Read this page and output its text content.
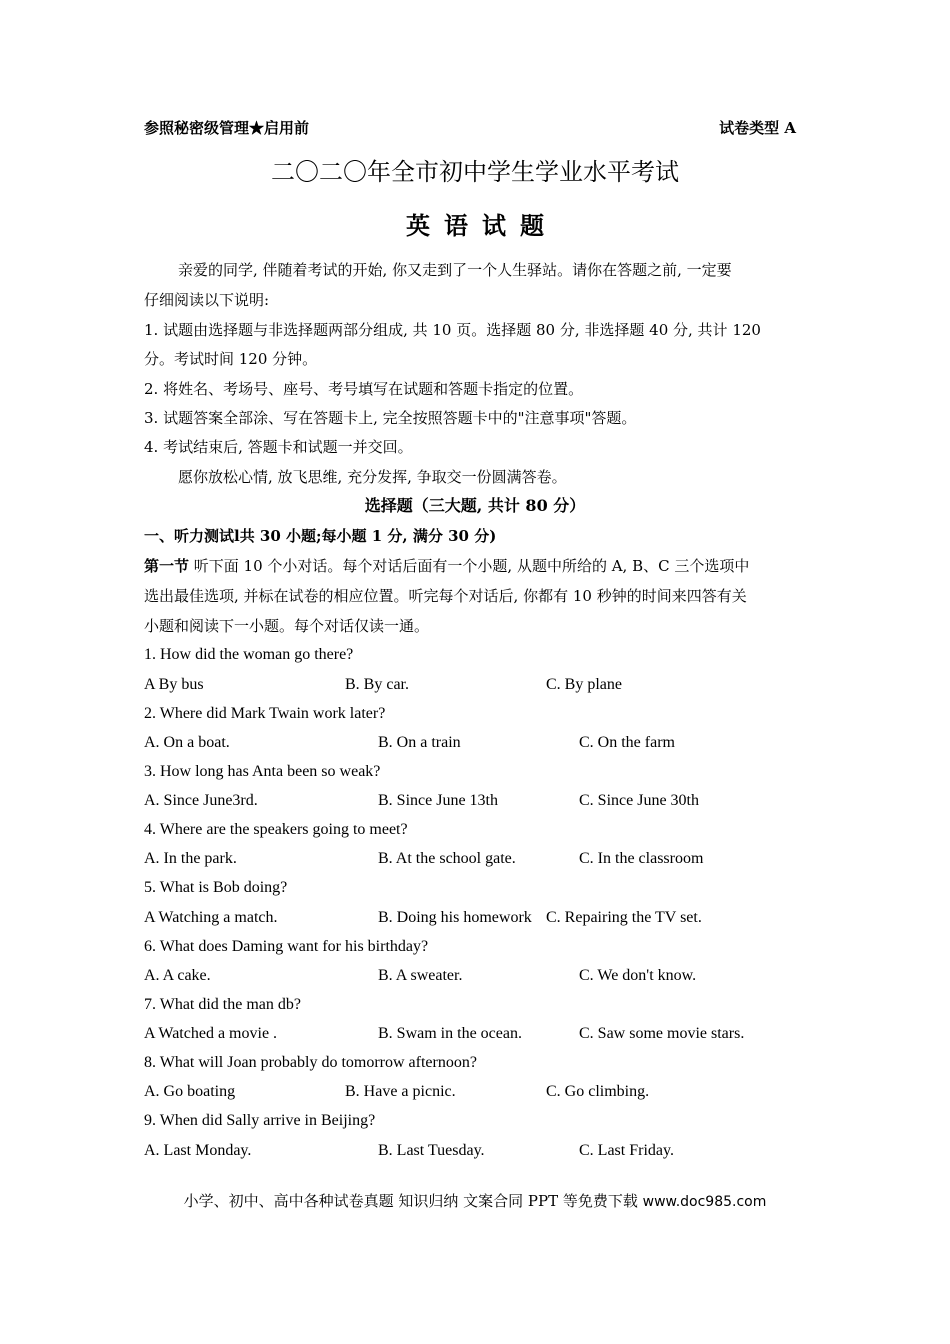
参照秘密级管理★启用前	试卷类型 A
二〇二〇年全市初中学生学业水平考试
英语试题
亲爱的同学, 伴随着考试的开始, 你又走到了一个人生驿站。请你在答题之前, 一定要
仔细阅读以下说明:
1. 试题由选择题与非选择题两部分组成, 共 10 页。选择题 80 分, 非选择题 40 分, 共计 120
分。考试时间 120 分钟。
2. 将姓名、考场号、座号、考号填写在试题和答题卡指定的位置。
3. 试题答案全部涂、写在答题卡上, 完全按照答题卡中的"注意事项"答题。
4. 考试结束后, 答题卡和试题一并交回。
愿你放松心情, 放飞思维, 充分发挥, 争取交一份圆满答卷。
选择题（三大题, 共计 80 分）
一、听力测试l共 30 小题;每小题 1 分, 满分 30 分)
第一节 听下面 10 个小对话。每个对话后面有一个小题, 从题中所给的 A, B、C 三个选项中
选出最佳选项, 并标在试卷的相应位置。听完每个对话后, 你都有 10 秒钟的时间来四答有关
小题和阅读下一小题。每个对话仅读一通。
1. How did the woman go there?
A By bus	B. By car.	C. By plane
2. Where did Mark Twain work later?
A. On a boat.	B. On a train	C. On the farm
3. How long has Anta been so weak?
A. Since June3rd.	B. Since June 13th	C. Since June 30th
4. Where are the speakers going to meet?
A. In the park.	B. At the school gate.	C. In the classroom
5. What is Bob doing?
A Watching a match.	B. Doing his homework C. Repairing the TV set.
6. What does Daming want for his birthday?
A. A cake.	B. A sweater.	C. We don't know.
7. What did the man db?
A Watched a movie .	B. Swam in the ocean.	C. Saw some movie stars.
8. What will Joan probably do tomorrow afternoon?
A. Go boating	B. Have a picnic.	C. Go climbing.
9. When did Sally arrive in Beijing?
A. Last Monday.	B. Last Tuesday.	C. Last Friday.
小学、初中、高中各种试卷真题 知识归纳 文案合同 PPT 等免费下载 www.doc985.com
